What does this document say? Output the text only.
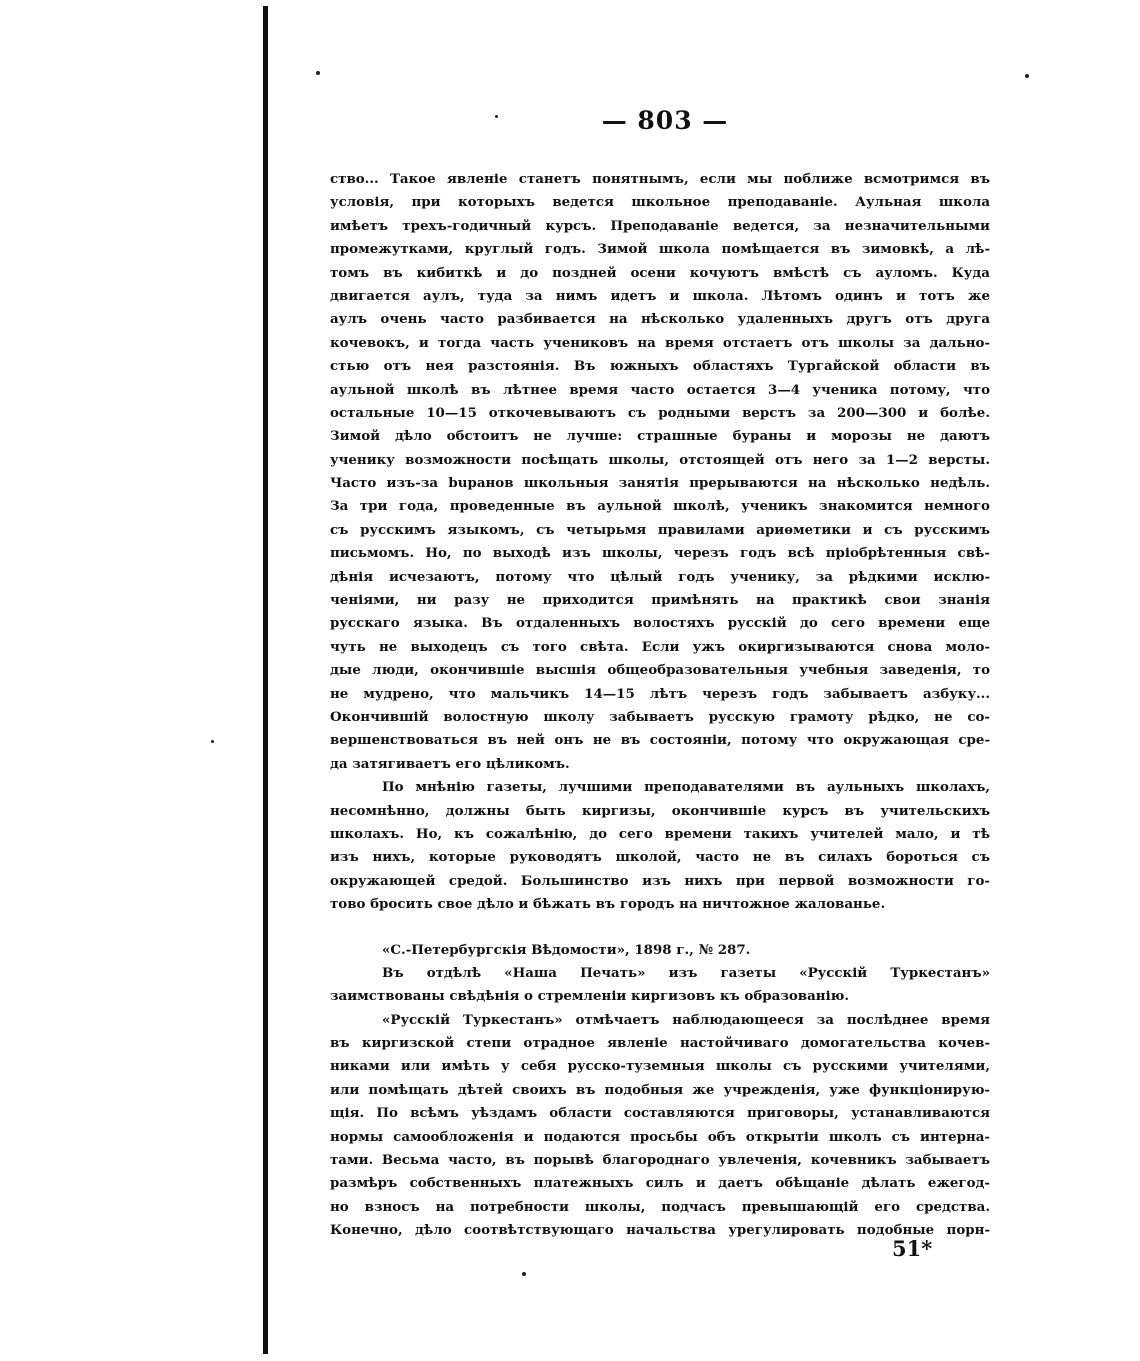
— 803 —
ство... Такое явленіе станетъ понятнымъ, если мы поближе всмотримся въ
условія, при которыхъ ведется школьное преподаваніе. Аульная школа
имѣетъ трехъ-годичный курсъ. Преподаваніе ведется, за незначительными
промежутками, круглый годъ. Зимой школа помѣщается въ зимовкѣ, а лѣ-
томъ въ кибиткѣ и до поздней осени кочуютъ вмѣстѣ съ ауломъ. Куда
двигается аулъ, туда за нимъ идетъ и школа. Лѣтомъ одинъ и тотъ же
аулъ очень часто разбивается на нѣсколько удаленныхъ другъ отъ друга
кочевокъ, и тогда часть учениковъ на время отстаетъ отъ школы за дально-
стью отъ нея разстоянія. Въ южныхъ областяхъ Тургайской области въ
аульной школѣ въ лѣтнее время часто остается 3—4 ученика потому, что
остальные 10—15 откочевываютъ съ родными верстъ за 200—300 и болѣе.
Зимой дѣло обстоитъ не лучше: страшные бураны и морозы не даютъ
ученику возможности посѣщать школы, отстоящей отъ него за 1—2 версты.
Часто изъ-за buранов школьныя занятія прерываются на нѣсколько недѣль.
За три года, проведенные въ аульной школѣ, ученикъ знакомится немного
съ русскимъ языкомъ, съ четырьмя правилами ариѳметики и съ русскимъ
письмомъ. Но, по выходѣ изъ школы, черезъ годъ всѣ пріобрѣтенныя свѣ-
дѣнія исчезаютъ, потому что цѣлый годъ ученику, за рѣдкими исклю-
ченіями, ни разу не приходится примѣнять на практикѣ свои знанія
русскаго языка. Въ отдаленныхъ волостяхъ русскій до сего времени еще
чуть не выходецъ съ того свѣта. Если ужъ окиргизываются снова моло-
дые люди, окончившіе высшія общеобразовательныя учебныя заведенія, то
не мудрено, что мальчикъ 14—15 лѣтъ черезъ годъ забываетъ азбуку...
Окончившій волостную школу забываетъ русскую грамоту рѣдко, не со-
вершенствоваться въ ней онъ не въ состояніи, потому что окружающая сре-
да затягиваетъ его цѣликомъ.
По мнѣнію газеты, лучшими преподавателями въ аульныхъ школахъ,
несомнѣнно, должны быть киргизы, окончившіе курсъ въ учительскихъ
школахъ. Но, къ сожалѣнію, до сего времени такихъ учителей мало, и тѣ
изъ нихъ, которые руководятъ школой, часто не въ силахъ бороться съ
окружающей средой. Большинство изъ нихъ при первой возможности го-
тово бросить свое дѣло и бѣжать въ городъ на ничтожное жалованье.
«С.-Петербургскія Вѣдомости», 1898 г., № 287.
Въ отдѣлѣ «Наша Печать» изъ газеты «Русскій Туркестанъ»
заимствованы свѣдѣнія о стремленіи киргизовъ къ образованію.
«Русскій Туркестанъ» отмѣчаетъ наблюдающееся за послѣднее время
въ киргизской степи отрадное явленіе настойчиваго домогательства кочев-
никами или имѣть у себя русско-туземныя школы съ русскими учителями,
или помѣщать дѣтей своихъ въ подобныя же учрежденія, уже функціонирую-
щія. По всѣмъ уѣздамъ области составляются приговоры, устанавливаются
нормы самообложенія и подаются просьбы объ открытіи школъ съ интерна-
тами. Весьма часто, въ порывѣ благороднаго увлеченія, кочевникъ забываетъ
размѣръ собственныхъ платежныхъ силъ и даетъ обѣщаніе дѣлать ежегод-
но взносъ на потребности школы, подчасъ превышающій его средства.
Конечно, дѣло соотвѣтствующаго начальства урегулировать подобные порн-
51*
